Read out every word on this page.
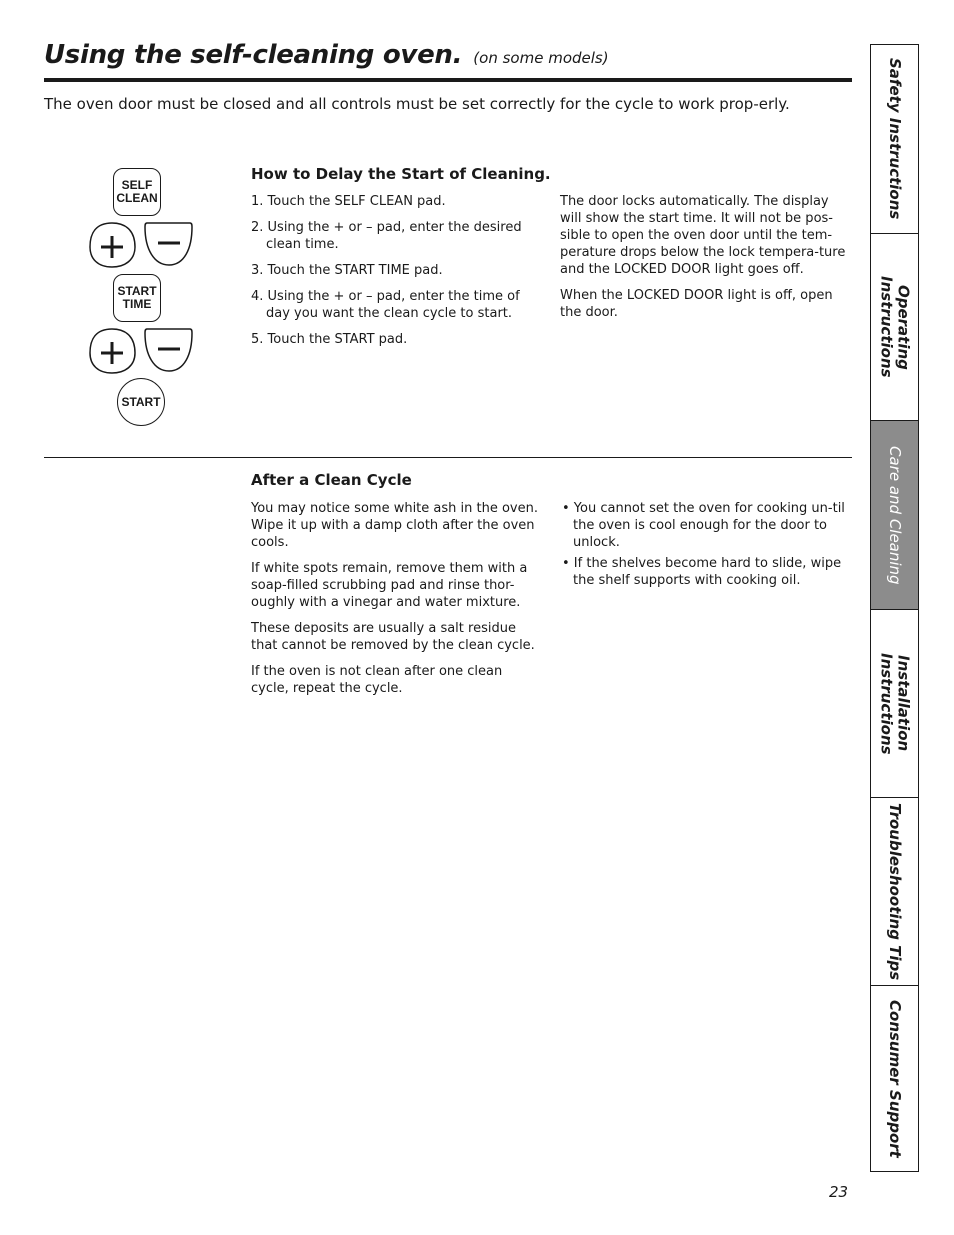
Using the self-cleaning oven. (on some models)
The oven door must be closed and all controls must be set correctly for the cycle to work prop-erly.
SELF
CLEAN
START
TIME
START
How to Delay the Start of Cleaning.
1. Touch the SELF CLEAN pad.
2. Using the + or – pad, enter the desired clean time.
3. Touch the START TIME pad.
4. Using the + or – pad, enter the time of day you want the clean cycle to start.
5. Touch the START pad.

The door locks automatically. The display will show the start time. It will not be pos-sible to open the oven door until the tem-perature drops below the lock tempera-ture and the LOCKED DOOR light goes off.

When the LOCKED DOOR light is off, open the door.

After a Clean Cycle

You may notice some white ash in the oven. Wipe it up with a damp cloth after the oven cools.

If white spots remain, remove them with a soap-filled scrubbing pad and rinse thor-oughly with a vinegar and water mixture.

These deposits are usually a salt residue that cannot be removed by the clean cycle.

If the oven is not clean after one clean cycle, repeat the cycle.

• You cannot set the oven for cooking un-til the oven is cool enough for the door to unlock.
• If the shelves become hard to slide, wipe the shelf supports with cooking oil.
Safety Instructions
Operating
Instructions
Care and Cleaning
Installation
Instructions
Troubleshooting Tips
Consumer Support
23
